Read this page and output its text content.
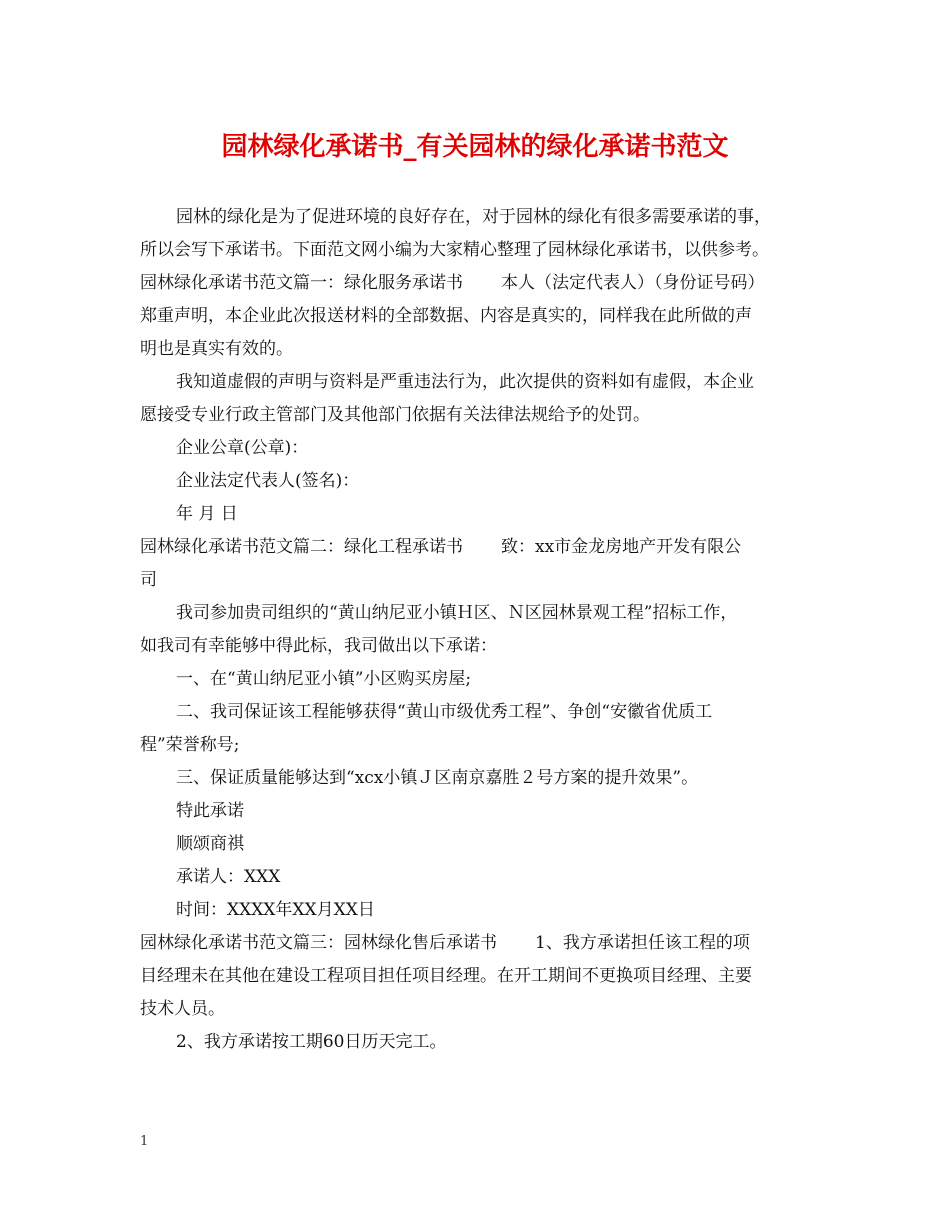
园林绿化承诺书_有关园林的绿化承诺书范文

园林的绿化是为了促进环境的良好存在，对于园林的绿化有很多需要承诺的事，

所以会写下承诺书。下面范文网小编为大家精心整理了园林绿化承诺书，以供参考。

园林绿化承诺书范文篇一：绿化服务承诺书 本人（法定代表人）（身份证号码）

郑重声明，本企业此次报送材料的全部数据、内容是真实的，同样我在此所做的声

明也是真实有效的。

我知道虚假的声明与资料是严重违法行为，此次提供的资料如有虚假，本企业

愿接受专业行政主管部门及其他部门依据有关法律法规给予的处罚。

企业公章(公章)：

企业法定代表人(签名)：

年 月 日

园林绿化承诺书范文篇二：绿化工程承诺书 致：xx市金龙房地产开发有限公

司

我司参加贵司组织的“黄山纳尼亚小镇Ｈ区、Ｎ区园林景观工程”招标工作，

如我司有幸能够中得此标，我司做出以下承诺：

一、在“黄山纳尼亚小镇”小区购买房屋;

二、我司保证该工程能够获得“黄山市级优秀工程”、争创“安徽省优质工

程”荣誉称号;

三、保证质量能够达到“xcx小镇Ｊ区南京嘉胜２号方案的提升效果”。

特此承诺

顺颂商祺

承诺人：XXX

时间：XXXX年XX月XX日

园林绿化承诺书范文篇三：园林绿化售后承诺书 1、我方承诺担任该工程的项

目经理未在其他在建设工程项目担任项目经理。在开工期间不更换项目经理、主要

技术人员。

2、我方承诺按工期60日历天完工。

1
